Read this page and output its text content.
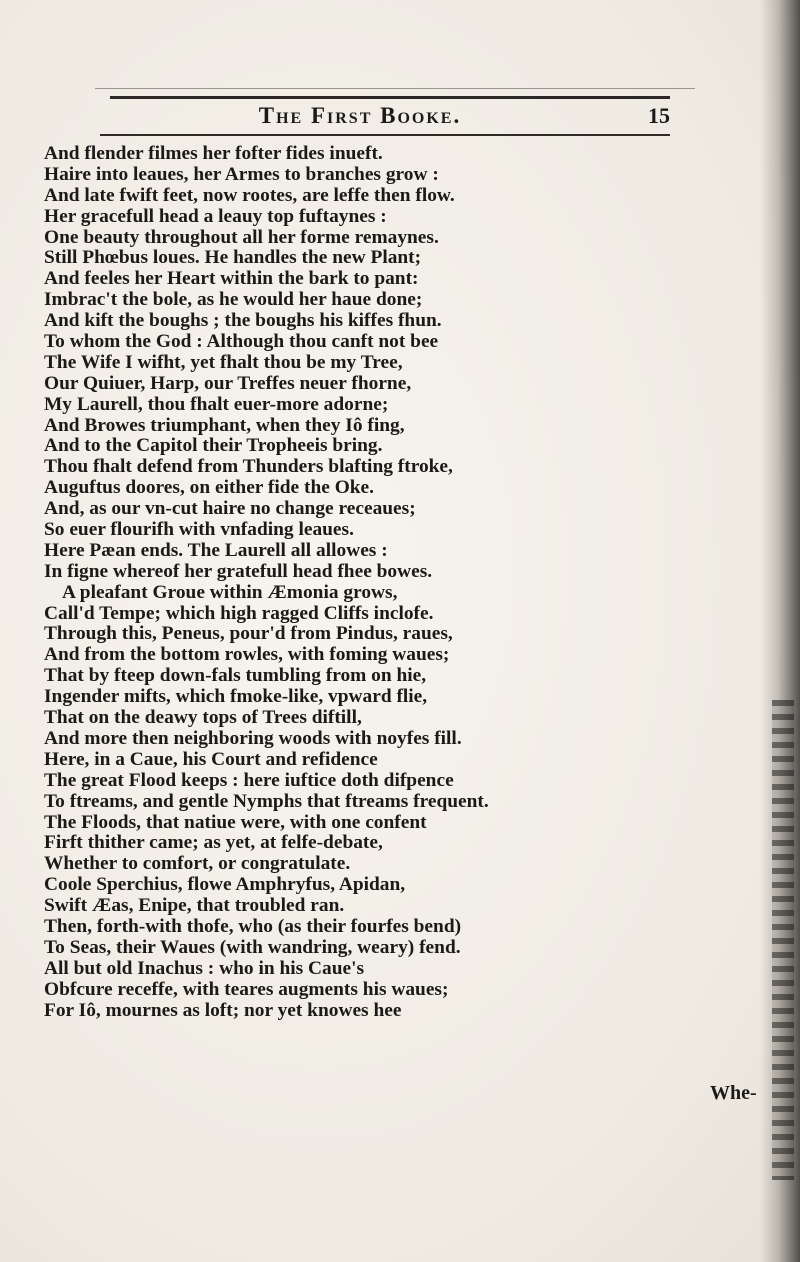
The First Booke.	15
And flender filmes her fofter fides inueft.
Haire into leaues, her Armes to branches grow :
And late fwift feet, now rootes, are leffe then flow.
Her gracefull head a leauy top fuftaynes :
One beauty throughout all her forme remaynes.
Still Phœbus loues. He handles the new Plant;
And feeles her Heart within the bark to pant:
Imbrac't the bole, as he would her haue done;
And kift the boughs ; the boughs his kiffes fhun.
To whom the God : Although thou canft not bee
The Wife I wifht, yet fhalt thou be my Tree,
Our Quiuer, Harp, our Treffes neuer fhorne,
My Laurell, thou fhalt euer-more adorne;
And Browes triumphant, when they Iô fing,
And to the Capitol their Tropheeis bring.
Thou fhalt defend from Thunders blafting ftroke,
Auguftus doores, on either fide the Oke.
And, as our vn-cut haire no change receaues;
So euer flourifh with vnfading leaues.
Here Pæan ends. The Laurell all allowes :
In figne whereof her gratefull head fhee bowes.
A pleafant Groue within Æmonia grows,
Call'd Tempe; which high ragged Cliffs inclofe.
Through this, Peneus, pour'd from Pindus, raues,
And from the bottom rowles, with foming waues;
That by fteep down-fals tumbling from on hie,
Ingender mifts, which fmoke-like, vpward flie,
That on the deawy tops of Trees diftill,
And more then neighboring woods with noyfes fill.
Here, in a Caue, his Court and refidence
The great Flood keeps : here iuftice doth difpence
To ftreams, and gentle Nymphs that ftreams frequent.
The Floods, that natiue were, with one confent
Firft thither came; as yet, at felfe-debate,
Whether to comfort, or congratulate.
Coole Sperchius, flowe Amphryfus, Apidan,
Swift Æas, Enipe, that troubled ran.
Then, forth-with thofe, who (as their fourfes bend)
To Seas, their Waues (with wandring, weary) fend.
All but old Inachus : who in his Caue's
Obfcure receffe, with teares augments his waues;
For Iô, mournes as loft; nor yet knowes hee
Whe-
